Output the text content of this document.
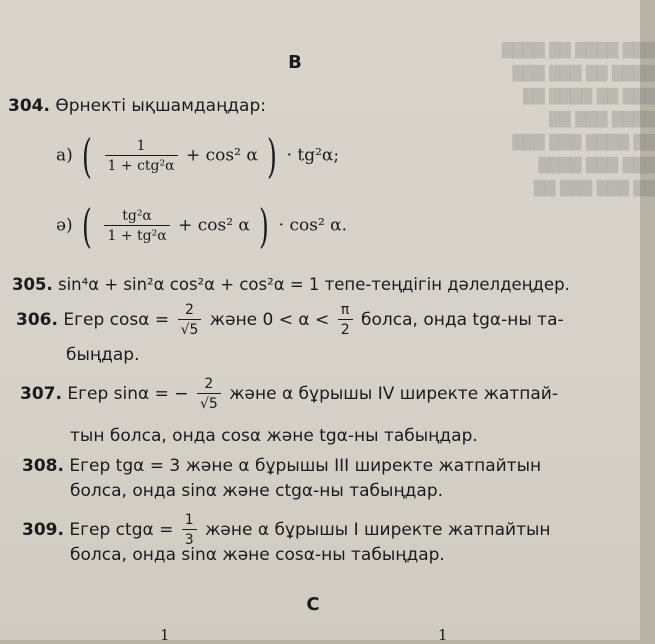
███ ████ ██ ████
████ ██ ███ ███
███ ██ ████ ██
████ ███ ██
██ ████ ███ ███
███ ███ ████
██ ███ ███ ██
В
304. Өрнекті ықшамдаңдар:
а) ( $\frac{1}{\text{1 + ctg²α}} + \cos^2$ α ) · tg²α;
ә) ( $\frac{\text{tg²α}}{\text{1 + tg²α}} + \cos^2$ α ) · cos² α.
305. sin⁴α + sin²α cos²α + cos²α = 1 тепе-теңдігін дәлелдеңдер.
306. Егер $\cos\alpha = \frac{2}{√5}$ және $0 < \alpha < \frac{\pi}{2}$ болса, онда tgα-ны та-
быңдар.
307. Егер sinα = − $\frac{2}{√5}$ және α бұрышы IV ширекте жатпай-
тын болса, онда cosα және tgα-ны табыңдар.
308. Егер tgα = 3 және α бұрышы III ширекте жатпайтын
болса, онда sinα және ctgα-ны табыңдар.
309. Егер $ctg\alpha = \frac{1}{3}$ және α бұрышы I ширекте жатпайтын
болса, онда sinα және cosα-ны табыңдар.
С
1	1
